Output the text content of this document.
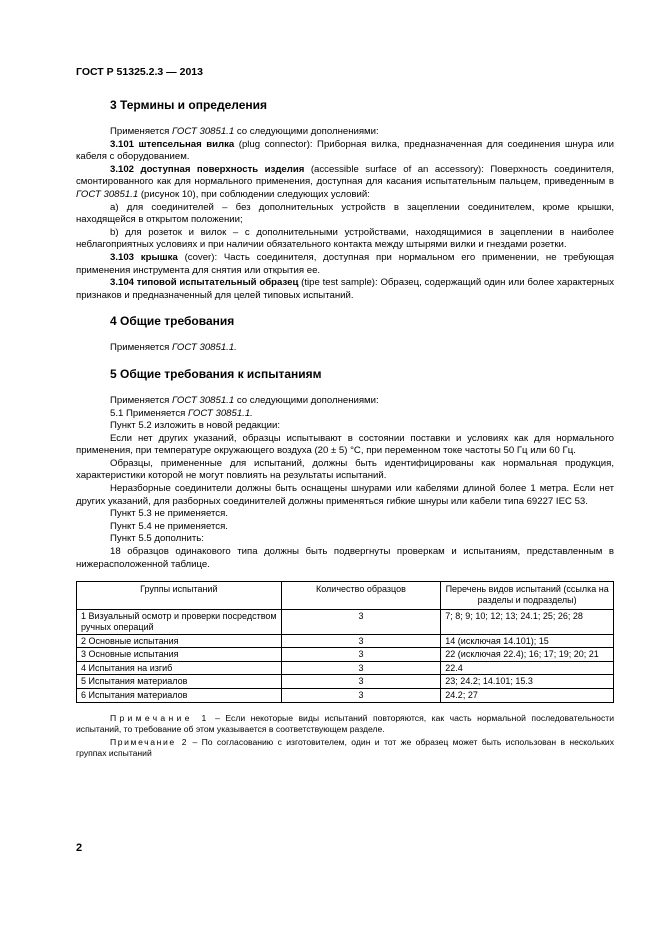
ГОСТ Р 51325.2.3 — 2013
3 Термины и определения

Применяется ГОСТ 30851.1 со следующими дополнениями:

3.101 штепсельная вилка (plug connector): Приборная вилка, предназначенная для соединения шнура или кабеля с оборудованием.

3.102 доступная поверхность изделия (accessible surface of an accessory): Поверхность соединителя, смонтированного как для нормального применения, доступная для касания испытательным пальцем, приведенным в ГОСТ 30851.1 (рисунок 10), при соблюдении следующих условий:

а) для соединителей – без дополнительных устройств в зацеплении соединителем, кроме крышки, находящейся в открытом положении;

b) для розеток и вилок – с дополнительными устройствами, находящимися в зацеплении в наиболее неблагоприятных условиях и при наличии обязательного контакта между штырями вилки и гнездами розетки.

3.103 крышка (cover): Часть соединителя, доступная при нормальном его применении, не требующая применения инструмента для снятия или открытия ее.

3.104 типовой испытательный образец (tipe test sample): Образец, содержащий один или более характерных признаков и предназначенный для целей типовых испытаний.

4 Общие требования

Применяется ГОСТ 30851.1.

5 Общие требования к испытаниям

Применяется ГОСТ 30851.1 со следующими дополнениями:

5.1 Применяется ГОСТ 30851.1.

Пункт 5.2 изложить в новой редакции:

Если нет других указаний, образцы испытывают в состоянии поставки и условиях как для нормального применения, при температуре окружающего воздуха (20 ± 5) °С, при переменном токе частоты 50 Гц или 60 Гц.

Образцы, примененные для испытаний, должны быть идентифицированы как нормальная продукция, характеристики которой не могут повлиять на результаты испытаний.

Неразборные соединители должны быть оснащены шнурами или кабелями длиной более 1 метра. Если нет других указаний, для разборных соединителей должны применяться гибкие шнуры или кабели типа 69227 IEC 53.

Пункт 5.3 не применяется.

Пункт 5.4 не применяется.

Пункт 5.5 дополнить:

18 образцов одинакового типа должны быть подвергнуты проверкам и испытаниям, представленным в нижерасположенной таблице.

Группы испытаний	Количество образцов	Перечень видов испытаний (ссылка на разделы и подразделы)
1 Визуальный осмотр и проверки посредством ручных операций	3	7; 8; 9; 10; 12; 13; 24.1; 25; 26; 28
2 Основные испытания	3	14 (исключая 14.101); 15
3 Основные испытания	3	22 (исключая 22.4); 16; 17; 19; 20; 21
4 Испытания на изгиб	3	22.4
5 Испытания материалов	3	23; 24.2; 14.101; 15.3
6 Испытания материалов	3	24.2; 27
Примечание 1 – Если некоторые виды испытаний повторяются, как часть нормальной последовательности испытаний, то требование об этом указывается в соответствующем разделе.
Примечание 2 – По согласованию с изготовителем, один и тот же образец может быть использован в нескольких группах испытаний
2
